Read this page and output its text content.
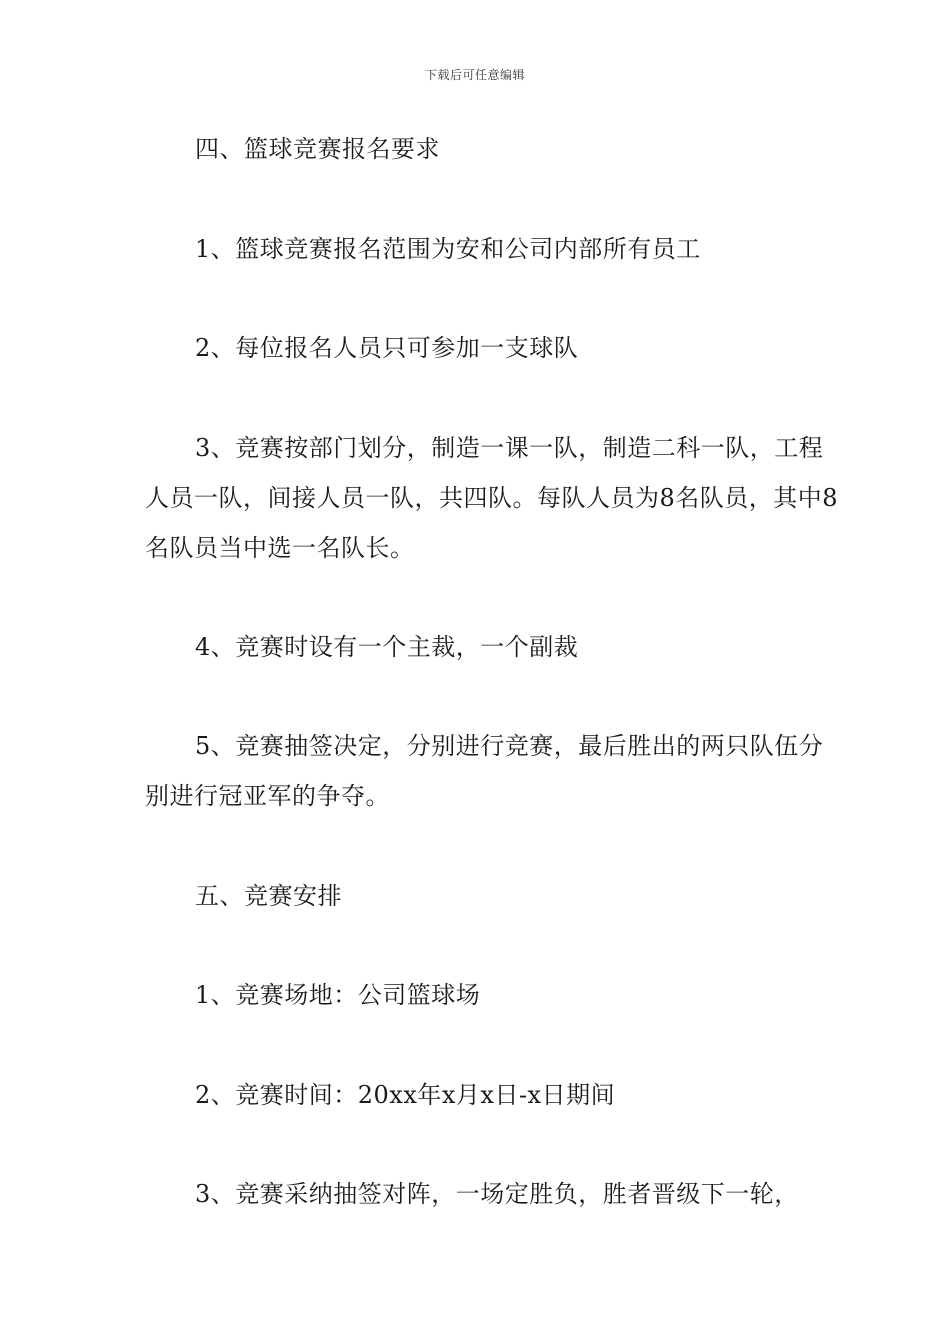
下载后可任意编辑

四、篮球竞赛报名要求

1、篮球竞赛报名范围为安和公司内部所有员工

2、每位报名人员只可参加一支球队

3、竞赛按部门划分，制造一课一队，制造二科一队，工程人员一队，间接人员一队，共四队。每队人员为8名队员，其中8名队员当中选一名队长。

4、竞赛时设有一个主裁，一个副裁

5、竞赛抽签决定，分别进行竞赛，最后胜出的两只队伍分别进行冠亚军的争夺。

五、竞赛安排

1、竞赛场地：公司篮球场

2、竞赛时间：20xx年x月x日-x日期间

3、竞赛采纳抽签对阵，一场定胜负，胜者晋级下一轮，
